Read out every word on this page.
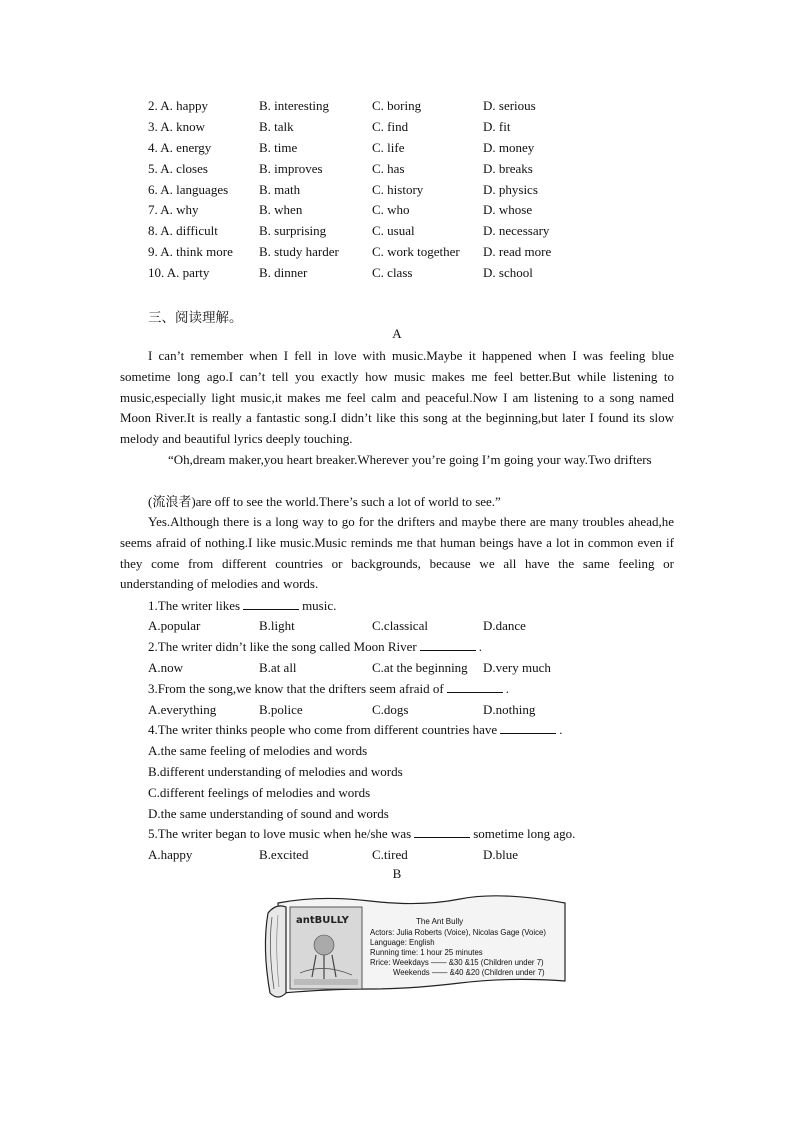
2. A. happy	B. interesting	C. boring	D. serious
3. A. know	B. talk	C. find	D. fit
4. A. energy	B. time	C. life	D. money
5. A. closes	B. improves	C. has	D. breaks
6. A. languages B. math	C. history	D. physics
7. A. why	B. when	C. who	D. whose
8. A. difficult	B. surprising	C. usual	D. necessary
9. A. think more B. study harder	C. work together D. read more
10. A. party	B. dinner	C. class	D. school
三、阅读理解。
A
I can’t remember when I fell in love with music.Maybe it happened when I was feeling blue sometime long ago.I can’t tell you exactly how music makes me feel better.But while listening to music,especially light music,it makes me feel calm and peaceful.Now I am listening to a song named Moon River.It is really a fantastic song.I didn’t like this song at the beginning,but later I found its slow melody and beautiful lyrics deeply touching.
“Oh,dream maker,you heart breaker.Wherever you’re going I’m going your way.Two drifters
(流浪者)are off to see the world.There’s such a lot of world to see.”
Yes.Although there is a long way to go for the drifters and maybe there are many troubles ahead,he seems afraid of nothing.I like music.Music reminds me that human beings have a lot in common even if they come from different countries or backgrounds, because we all have the same feeling or understanding of melodies and words.
1.The writer likes	music.
A.popular	B.light	C.classical	D.dance
2.The writer didn’t like the song called Moon River	.
A.now	B.at all	C.at the beginning D.very much
3.From the song,we know that the drifters seem afraid of	.
A.everything	B.police	C.dogs	D.nothing
4.The writer thinks people who come from different countries have	.
A.the same feeling of melodies and words
B.different understanding of melodies and words
C.different feelings of melodies and words
D.the same understanding of sound and words
5.The writer began to love music when he/she was	sometime long ago.
A.happy	B.excited	C.tired	D.blue
B
antBULLY	The Ant Bully
Actors: Julia Roberts (Voice), Nicolas Gage (Voice)
Language: English
Running time: 1 hour 25 minutes
Rrice: Weekdays —— &30 &15 (Children under 7)
Weekends —— &40 &20 (Children under 7)
